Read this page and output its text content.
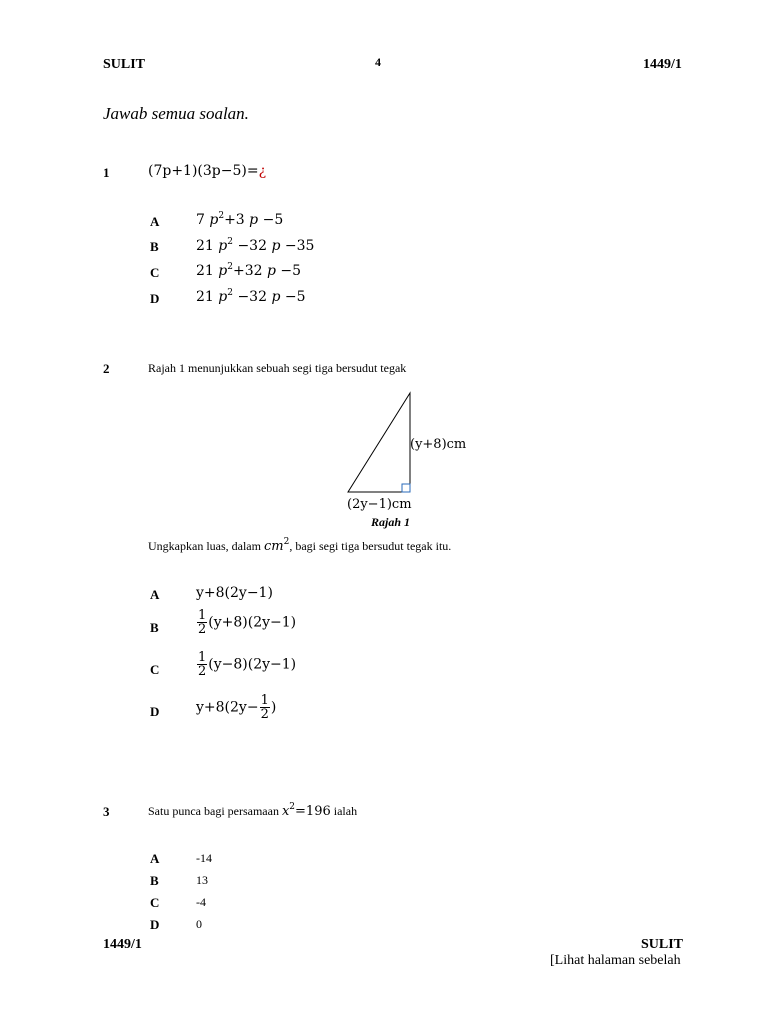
SULIT	4	1449/1
Jawab semua soalan.
1	(7p+1)(3p−5)=¿
A	7 $p^2+3$ p −5
B	21 $p^2 -32$ p −35
C	21 $p^2+32$ p −5
D	21 $p^2 -32$ p −5
2	Rajah 1 menunjukkan sebuah segi tiga bersudut tegak
(y+8)cm
(2y−1)cm
Rajah 1
Ungkapkan luas, dalam $cm^2$, bagi segi tiga bersudut tegak itu.
A	y+8(2y−1)
B	$\frac{1}{2} (y+8)(2y-1)$
C	$\frac{1}{2} (y-8)(2y-1)$
D	$y+8(2y- \frac{1}{2}$ )
3	Satu punca bagi persamaan $x^2=196$ ialah
A	-14
B	13
C	-4
D	0
1449/1	SULIT
[Lihat halaman sebelah
